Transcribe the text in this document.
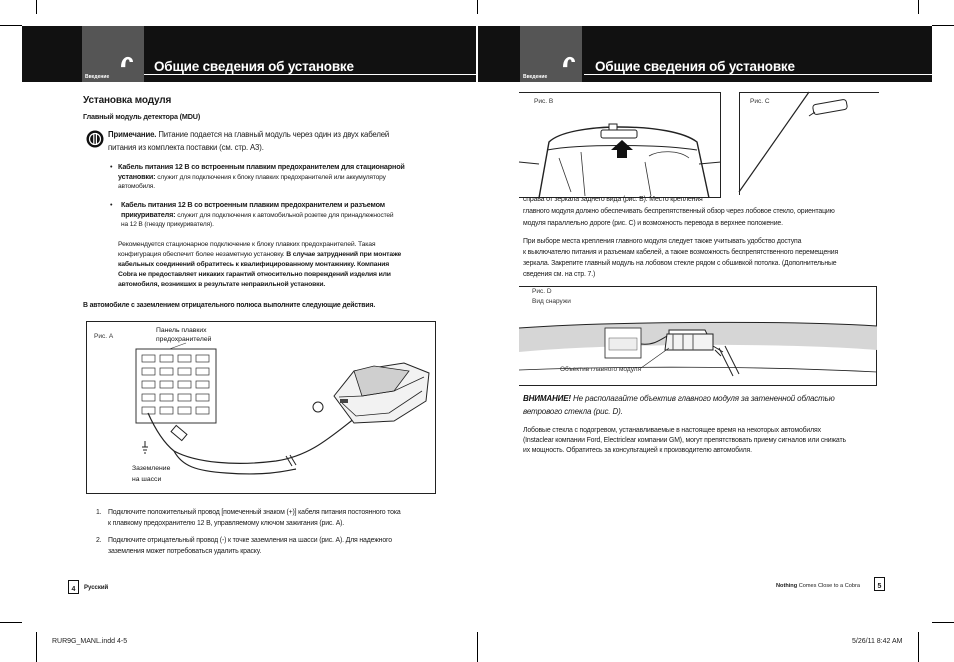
Введение
Общие сведения об установке
Введение
Общие сведения об установке
Установка модуля
Главный модуль детектора (MDU)
Примечание. Питание подается на главный модуль через один из двух кабелей
питания из комплекта поставки (см. стр. A3).
• Кабель питания 12 В со встроенным плавким предохранителем для стационарной
установки: служит для подключения к блоку плавких предохранителей или аккумулятору
автомобиля.
• Кабель питания 12 В со встроенным плавким предохранителем и разъемом
прикуривателя: служит для подключения к автомобильной розетке для принадлежностей
на 12 В (гнезду прикуривателя).
Рекомендуется стационарное подключение к блоку плавких предохранителей. Такая
конфигурация обеспечит более незаметную установку. В случае затруднений при монтаже
кабельных соединений обратитесь к квалифицированному монтажнику. Компания
Cobra не предоставляет никаких гарантий относительно повреждений изделия или
автомобиля, возникших в результате неправильной установки.
В автомобиле с заземлением отрицательного полюса выполните следующие действия.
Рис. A
Панель плавких
предохранителей
Заземление
на шасси
1. Подключите положительный провод [помеченный знаком (+)] кабеля питания постоянного тока
к плавкому предохранителю 12 В, управляемому ключом зажигания (рис. А).
2. Подключите отрицательный провод (-) к точке заземления на шасси (рис. А). Для надежного
заземления может потребоваться удалить краску.
4	Русский
Рис. B	Рис. C
справа от зеркала заднего вида (рис. B). Место крепления
главного модуля должно обеспечивать беспрепятственный обзор через лобовое стекло, ориентацию
модуля параллельно дороге (рис. C) и возможность перевода в верхнее положение.
При выборе места крепления главного модуля следует также учитывать удобство доступа
к выключателю питания и разъемам кабелей, а также возможность беспрепятственного перемещения
зеркала. Закрепите главный модуль на лобовом стекле рядом с обшивкой потолка. (Дополнительные
сведения см. на стр. 7.)
Рис. D
Вид снаружи
Объектив главного модуля
ВНИМАНИЕ! Не располагайте объектив главного модуля за затененной областью
ветрового стекла (рис. D).
Лобовые стекла с подогревом, устанавливаемые в настоящее время на некоторых автомобилях
(Instaclear компании Ford, Electriclear компании GM), могут препятствовать приему сигналов или снижать
их мощность. Обратитесь за консультацией к производителю автомобиля.
Nothing Comes Close to a Cobra	5
RUR9G_MANL.indd 4-5	5/26/11 8:42 AM
